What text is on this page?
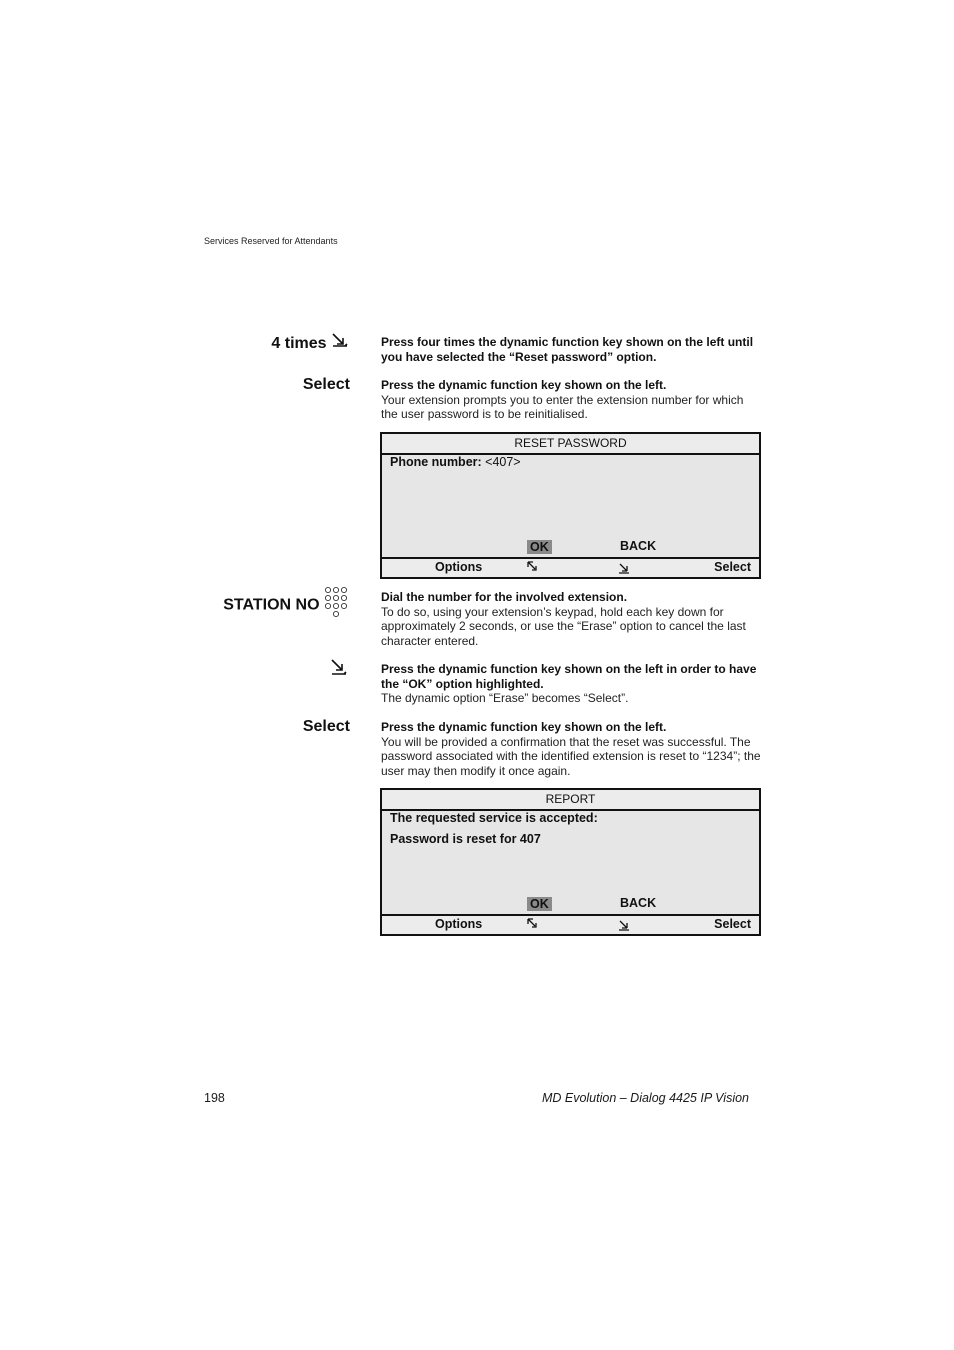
Services Reserved for Attendants
4 times	Press four times the dynamic function key shown on the left until you have selected the “Reset password” option.
Select	Press the dynamic function key shown on the left.
Your extension prompts you to enter the extension number for which the user password is to be reinitialised.
RESET PASSWORD
Phone number: <407>
OK	BACK
Options	Select
STATION NO	Dial the number for the involved extension.
To do so, using your extension’s keypad, hold each key down for approximately 2 seconds, or use the “Erase” option to cancel the last character entered.
Press the dynamic function key shown on the left in order to have the “OK” option highlighted.
The dynamic option “Erase” becomes “Select”.
Select	Press the dynamic function key shown on the left.
You will be provided a confirmation that the reset was successful. The password associated with the identified extension is reset to “1234”; the user may then modify it once again.
REPORT
The requested service is accepted:
Password is reset for 407
OK	BACK
Options	Select
198	MD Evolution – Dialog 4425 IP Vision
